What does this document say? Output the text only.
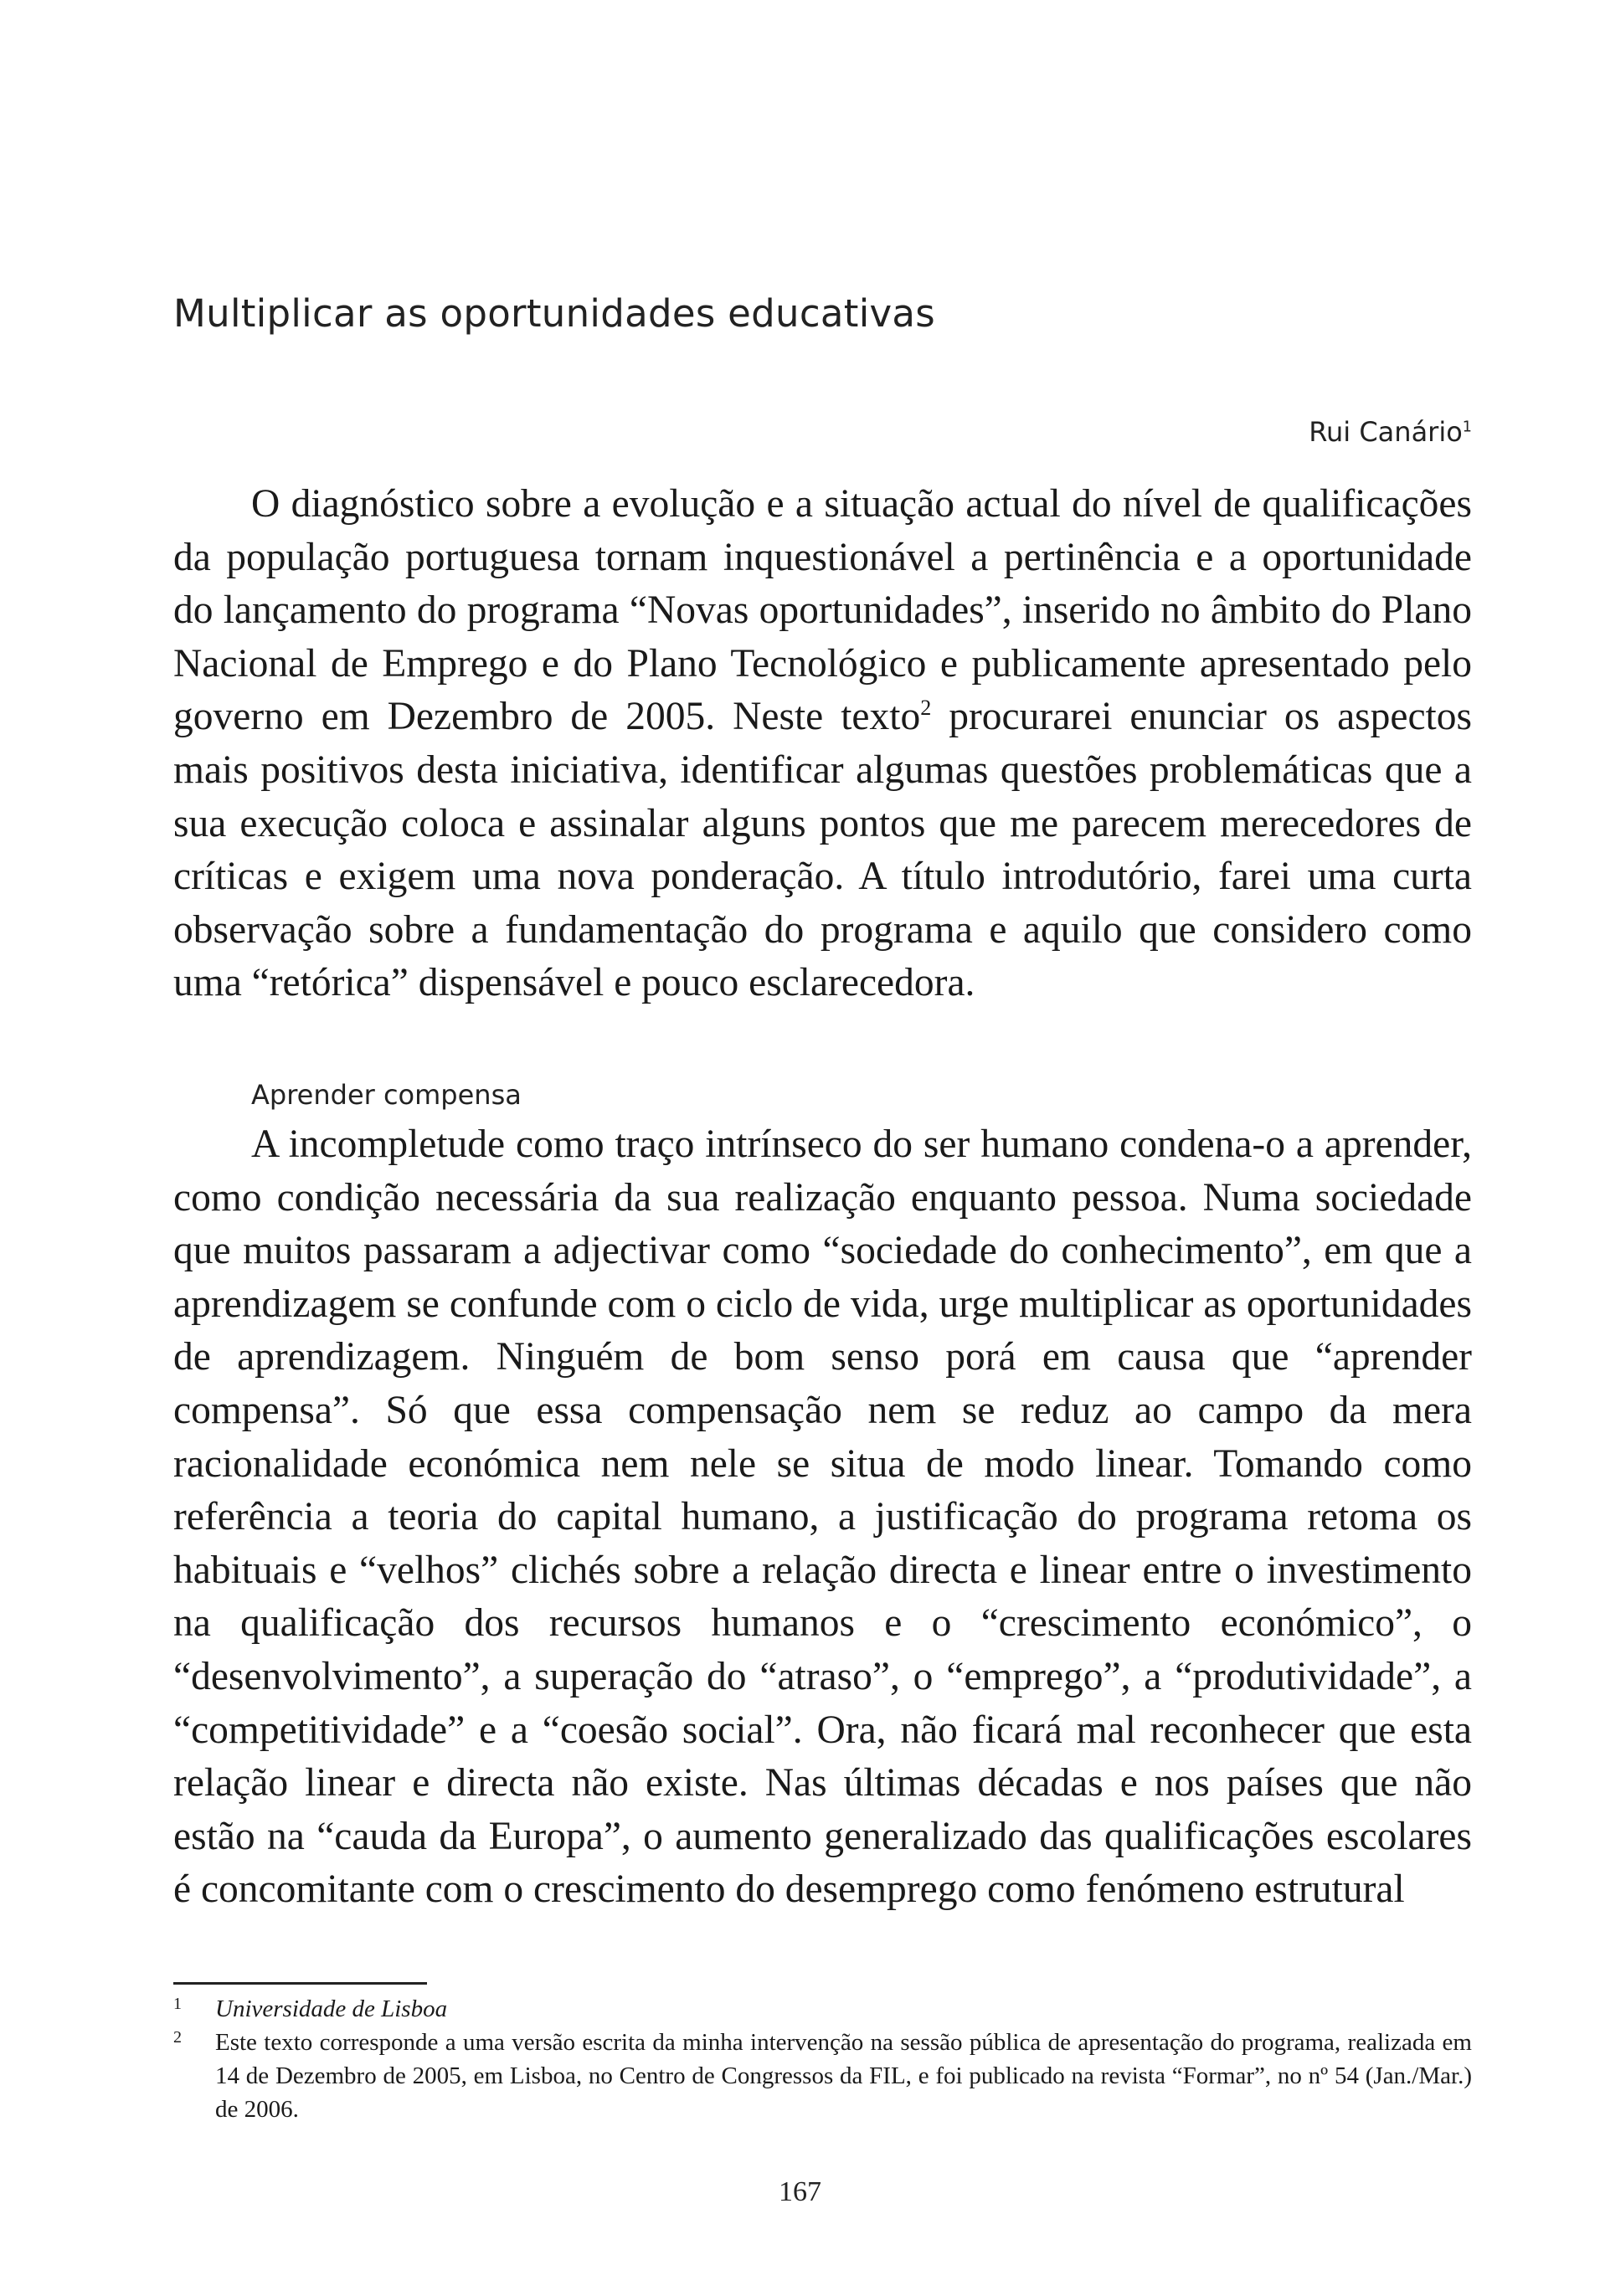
Multiplicar as oportunidades educativas
Rui Canário$^1$

O diagnóstico sobre a evolução e a situação actual do nível de qualificações da população portuguesa tornam inquestionável a pertinência e a oportunidade do lançamento do programa “Novas oportunidades”, inserido no âmbito do Plano Nacional de Emprego e do Plano Tecnológico e publicamente apresentado pelo governo em Dezembro de 2005. Neste texto$^2$ procurarei enunciar os aspectos mais positivos desta iniciativa, identificar algumas questões problemáticas que a sua execução coloca e assinalar alguns pontos que me parecem merecedores de críticas e exigem uma nova ponderação. A título introdutório, farei uma curta observação sobre a fundamentação do programa e aquilo que considero como uma “retórica” dispensável e pouco esclarecedora.

Aprender compensa

A incompletude como traço intrínseco do ser humano condena-o a aprender, como condição necessária da sua realização enquanto pessoa. Numa sociedade que muitos passaram a adjectivar como “sociedade do conhecimento”, em que a aprendizagem se confunde com o ciclo de vida, urge multiplicar as oportunidades de aprendizagem. Ninguém de bom senso porá em causa que “aprender compensa”. Só que essa compensação nem se reduz ao campo da mera racionalidade económica nem nele se situa de modo linear. Tomando como referência a teoria do capital humano, a justificação do programa retoma os habituais e “velhos” clichés sobre a relação directa e linear entre o investimento na qualificação dos recursos humanos e o “crescimento económico”, o “desenvolvimento”, a superação do “atraso”, o “emprego”, a “produtividade”, a “competitividade” e a “coesão social”. Ora, não ficará mal reconhecer que esta relação linear e directa não existe. Nas últimas décadas e nos países que não estão na “cauda da Europa”, o aumento generalizado das qualificações escolares é concomitante com o crescimento do desemprego como fenómeno estrutural

1 Universidade de Lisboa
2 Este texto corresponde a uma versão escrita da minha intervenção na sessão pública de apresentação do programa, realizada em 14 de Dezembro de 2005, em Lisboa, no Centro de Congressos da FIL, e foi publicado na revista “Formar”, no nº 54 (Jan./Mar.) de 2006.
167
